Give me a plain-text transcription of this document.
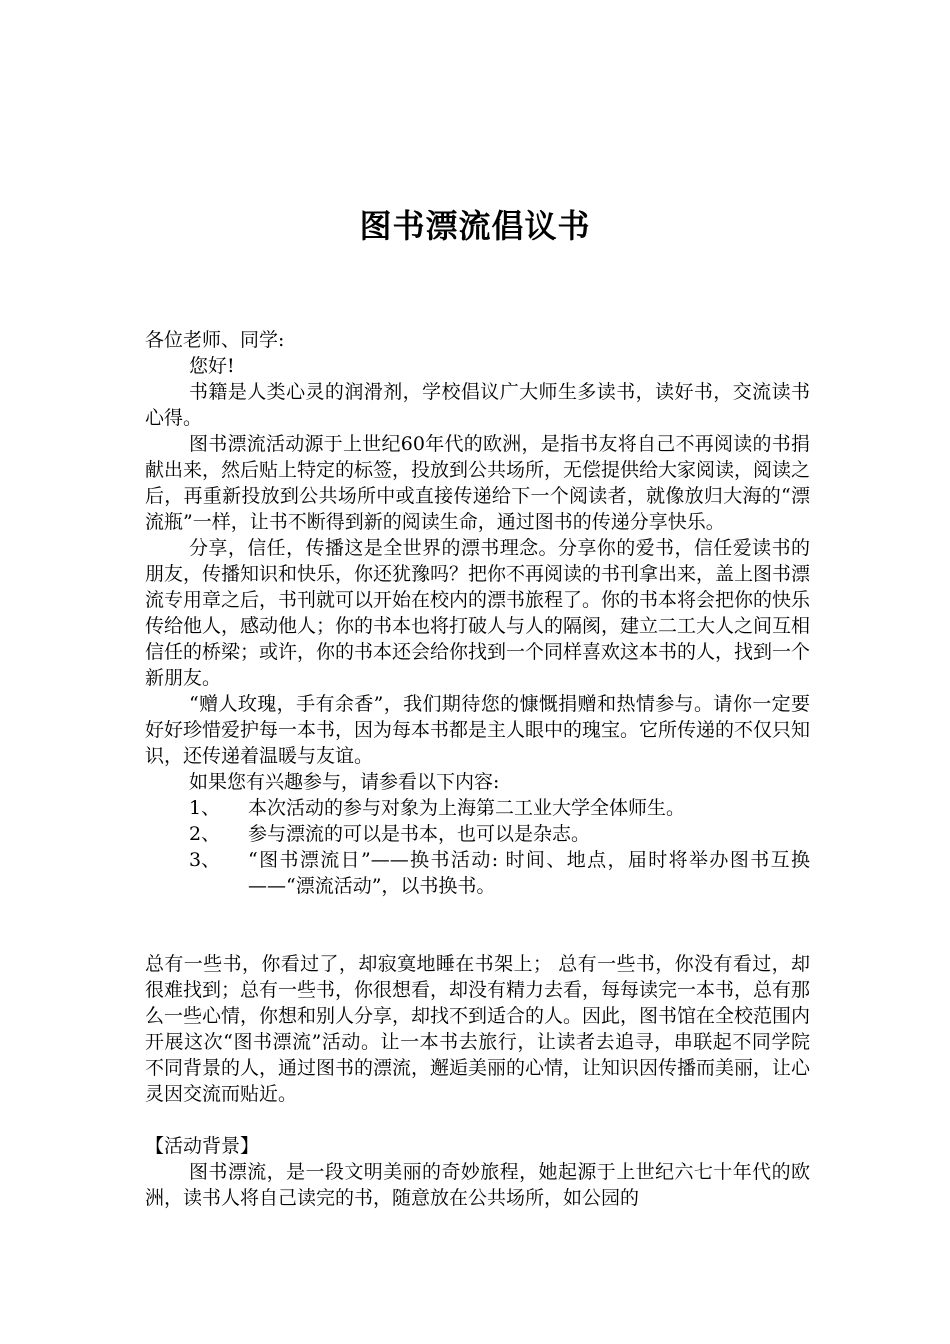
图书漂流倡议书

各位老师、同学:

您好!

书籍是人类心灵的润滑剂，学校倡议广大师生多读书，读好书，交流读书心得。

图书漂流活动源于上世纪60年代的欧洲，是指书友将自己不再阅读的书捐献出来，然后贴上特定的标签，投放到公共场所，无偿提供给大家阅读，阅读之后，再重新投放到公共场所中或直接传递给下一个阅读者，就像放归大海的“漂流瓶”一样，让书不断得到新的阅读生命，通过图书的传递分享快乐。

分享，信任，传播这是全世界的漂书理念。分享你的爱书，信任爱读书的朋友，传播知识和快乐，你还犹豫吗？把你不再阅读的书刊拿出来，盖上图书漂流专用章之后，书刊就可以开始在校内的漂书旅程了。你的书本将会把你的快乐传给他人，感动他人；你的书本也将打破人与人的隔阂，建立二工大人之间互相信任的桥梁；或许，你的书本还会给你找到一个同样喜欢这本书的人，找到一个新朋友。

“赠人玫瑰，手有余香”，我们期待您的慷慨捐赠和热情参与。请你一定要好好珍惜爱护每一本书，因为每本书都是主人眼中的瑰宝。它所传递的不仅只知识，还传递着温暖与友谊。

如果您有兴趣参与，请参看以下内容:

1、 本次活动的参与对象为上海第二工业大学全体师生。
2、 参与漂流的可以是书本，也可以是杂志。
3、 “图书漂流日”——换书活动: 时间、地点，届时将举办图书互换——“漂流活动”，以书换书。

总有一些书，你看过了，却寂寞地睡在书架上； 总有一些书，你没有看过，却很难找到；总有一些书，你很想看，却没有精力去看，每每读完一本书，总有那么一些心情，你想和别人分享，却找不到适合的人。因此，图书馆在全校范围内开展这次“图书漂流”活动。让一本书去旅行，让读者去追寻，串联起不同学院不同背景的人，通过图书的漂流，邂逅美丽的心情，让知识因传播而美丽，让心灵因交流而贴近。

【活动背景】

图书漂流，是一段文明美丽的奇妙旅程，她起源于上世纪六七十年代的欧洲，读书人将自己读完的书，随意放在公共场所，如公园的
